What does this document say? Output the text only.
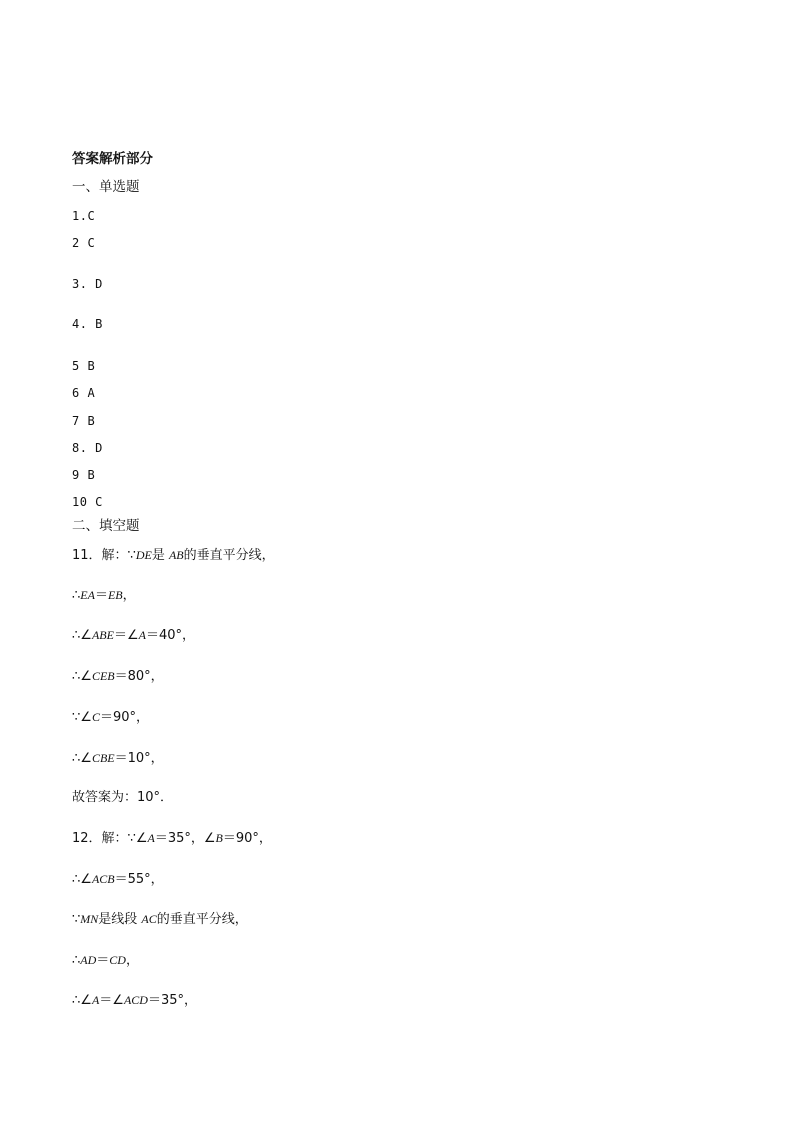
答案解析部分
一、单选题
1.C
2 C
3. D
4. B
5 B
6 A
7 B
8. D
9 B
10 C
二、填空题
11．解：∵DE是 AB的垂直平分线，
∴EA＝EB，
∴∠ABE＝∠A＝40°，
∴∠CEB＝80°，
∵∠C＝90°，
∴∠CBE＝10°，
故答案为：10°．
12．解：∵∠A＝35°，∠B＝90°，
∴∠ACB＝55°，
∵MN是线段 AC的垂直平分线，
∴AD＝CD，
∴∠A＝∠ACD＝35°，
